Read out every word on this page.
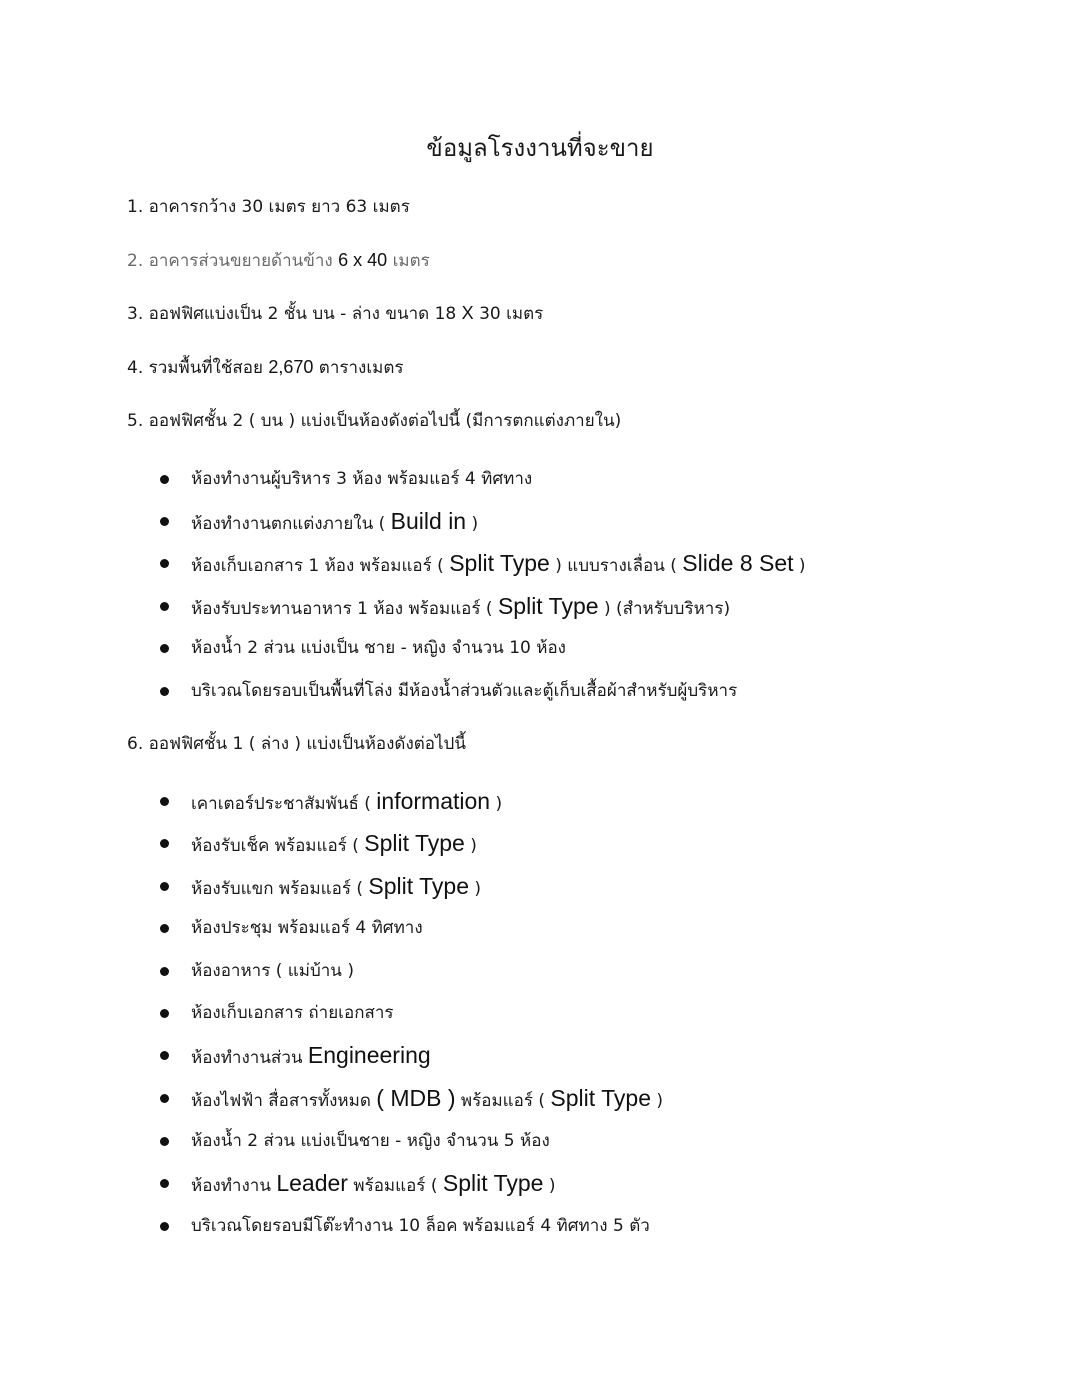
ข้อมูลโรงงานที่จะขาย
1. อาคารกว้าง 30 เมตร ยาว 63 เมตร
2. อาคารส่วนขยายด้านข้าง 6 x 40 เมตร
3. ออฟฟิศแบ่งเป็น 2 ชั้น บน - ล่าง ขนาด 18 X 30 เมตร
4. รวมพื้นที่ใช้สอย 2,670 ตารางเมตร
5. ออฟฟิศชั้น 2 ( บน ) แบ่งเป็นห้องดังต่อไปนี้ (มีการตกแต่งภายใน)
ห้องทำงานผู้บริหาร 3 ห้อง พร้อมแอร์ 4 ทิศทาง
ห้องทำงานตกแต่งภายใน ( Build in )
ห้องเก็บเอกสาร 1 ห้อง พร้อมแอร์ ( Split Type ) แบบรางเลื่อน ( Slide 8 Set )
ห้องรับประทานอาหาร 1 ห้อง พร้อมแอร์ ( Split Type ) (สำหรับบริหาร)
ห้องน้ำ 2 ส่วน แบ่งเป็น ชาย - หญิง จำนวน 10 ห้อง
บริเวณโดยรอบเป็นพื้นที่โล่ง มีห้องน้ำส่วนตัวและตู้เก็บเสื้อผ้าสำหรับผู้บริหาร
6. ออฟฟิศชั้น 1 ( ล่าง ) แบ่งเป็นห้องดังต่อไปนี้
เคาเตอร์ประชาสัมพันธ์ ( information )
ห้องรับเช็ค พร้อมแอร์ ( Split Type )
ห้องรับแขก พร้อมแอร์ ( Split Type )
ห้องประชุม พร้อมแอร์ 4 ทิศทาง
ห้องอาหาร ( แม่บ้าน )
ห้องเก็บเอกสาร ถ่ายเอกสาร
ห้องทำงานส่วน Engineering
ห้องไฟฟ้า สื่อสารทั้งหมด ( MDB ) พร้อมแอร์ ( Split Type )
ห้องน้ำ 2 ส่วน แบ่งเป็นชาย - หญิง จำนวน 5 ห้อง
ห้องทำงาน Leader พร้อมแอร์ ( Split Type )
บริเวณโดยรอบมีโต๊ะทำงาน 10 ล็อค พร้อมแอร์ 4 ทิศทาง 5 ตัว
